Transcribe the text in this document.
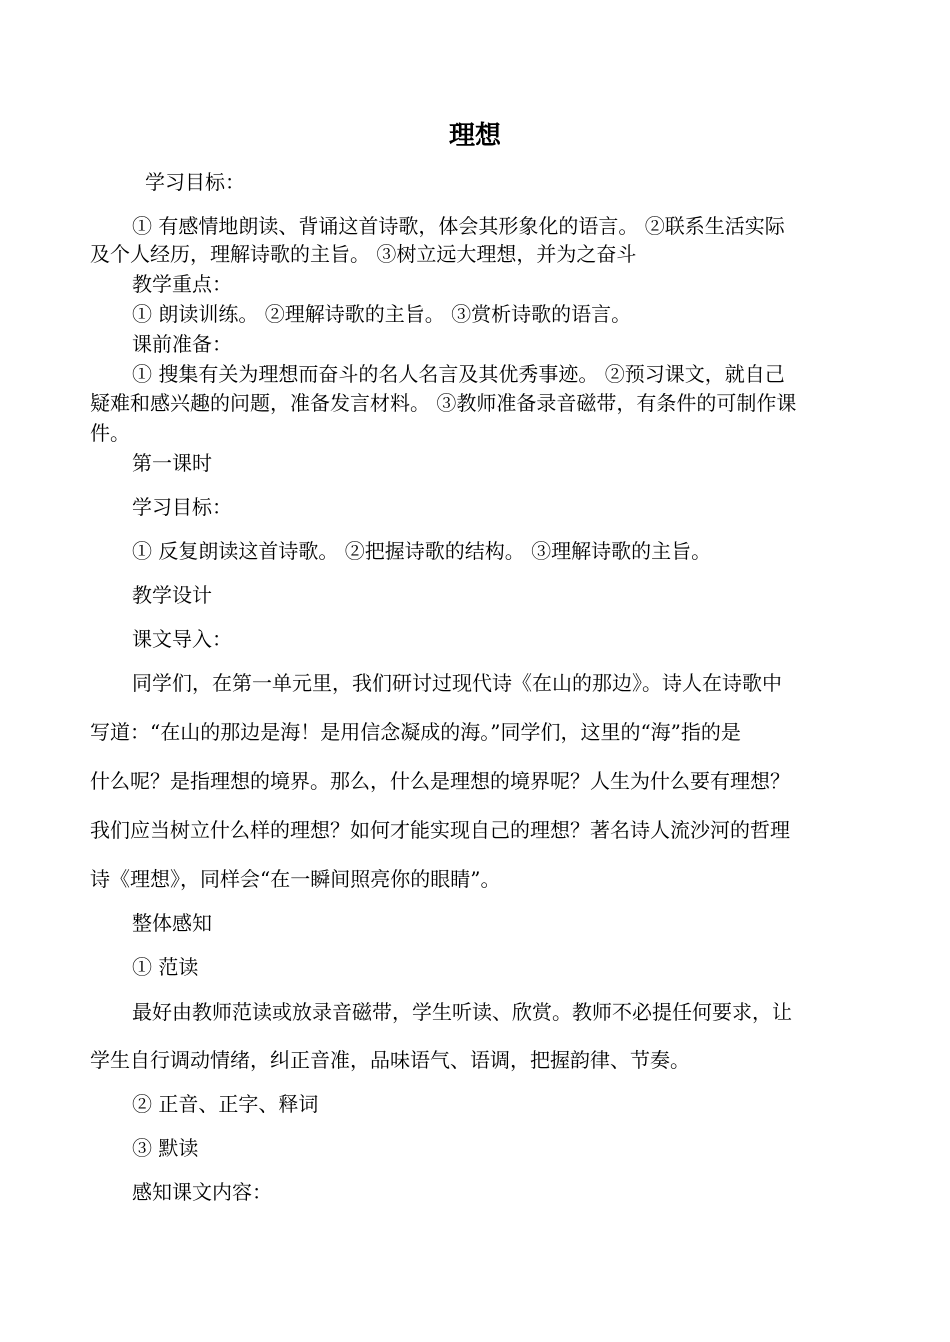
理想
学习目标：
① 有感情地朗读、背诵这首诗歌，体会其形象化的语言。 ②联系生活实际
及个人经历，理解诗歌的主旨。 ③树立远大理想，并为之奋斗
教学重点：
① 朗读训练。 ②理解诗歌的主旨。 ③赏析诗歌的语言。
课前准备：
① 搜集有关为理想而奋斗的名人名言及其优秀事迹。 ②预习课文，就自己
疑难和感兴趣的问题，准备发言材料。 ③教师准备录音磁带，有条件的可制作课
件。
第一课时
学习目标：
① 反复朗读这首诗歌。 ②把握诗歌的结构。 ③理解诗歌的主旨。
教学设计
课文导入：
同学们，在第一单元里，我们研讨过现代诗《在山的那边》。诗人在诗歌中
写道：“在山的那边是海！是用信念凝成的海。”同学们，这里的“海”指的是
什么呢？是指理想的境界。那么，什么是理想的境界呢？人生为什么要有理想？
我们应当树立什么样的理想？如何才能实现自己的理想？著名诗人流沙河的哲理
诗《理想》，同样会“在一瞬间照亮你的眼睛”。
整体感知
① 范读
最好由教师范读或放录音磁带，学生听读、欣赏。教师不必提任何要求，让
学生自行调动情绪，纠正音准，品味语气、语调，把握韵律、节奏。
② 正音、正字、释词
③ 默读
感知课文内容：
